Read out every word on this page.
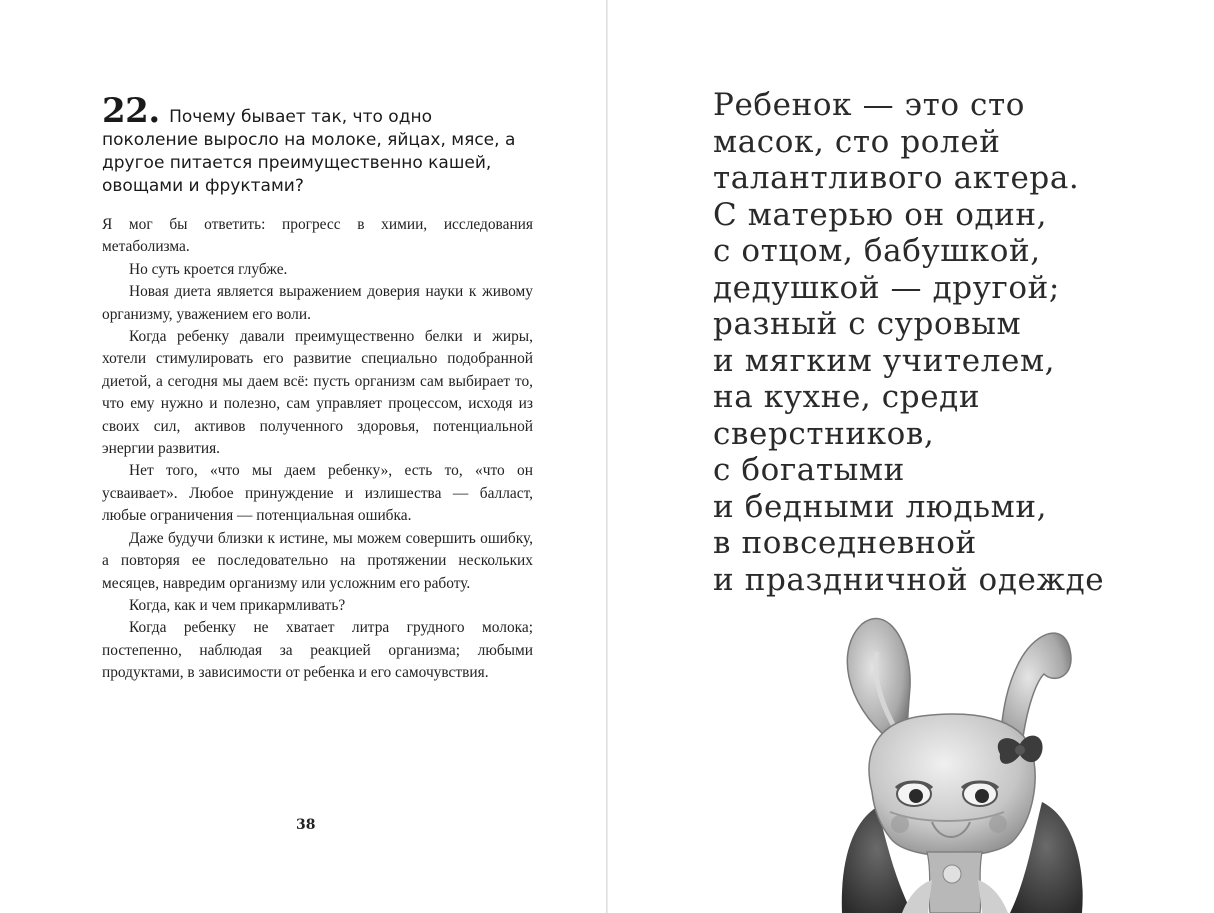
22. Почему бывает так, что одно поколение выросло на молоке, яйцах, мясе, а другое питается преимущественно кашей, овощами и фруктами?

Я мог бы ответить: прогресс в химии, исследования метаболизма.

Но суть кроется глубже.

Новая диета является выражением доверия науки к живому организму, уважением его воли.

Когда ребенку давали преимущественно белки и жиры, хотели стимулировать его развитие специально подобранной диетой, а сегодня мы даем всё: пусть организм сам выбирает то, что ему нужно и полезно, сам управляет процессом, исходя из своих сил, активов полученного здоровья, потенциальной энергии развития.

Нет того, «что мы даем ребенку», есть то, «что он усваивает». Любое принуждение и излишества — балласт, любые ограничения — потенциальная ошибка.

Даже будучи близки к истине, мы можем совершить ошибку, а повторяя ее последовательно на протяжении нескольких месяцев, навредим организму или усложним его работу.

Когда, как и чем прикармливать?

Когда ребенку не хватает литра грудного молока; постепенно, наблюдая за реакцией организма; любыми продуктами, в зависимости от ребенка и его самочувствия.

38
Ребенок — это сто
масок, сто ролей
талантливого актера.
С матерью он один,
с отцом, бабушкой,
дедушкой — другой;
разный с суровым
и мягким учителем,
на кухне, среди
сверстников,
с богатыми
и бедными людьми,
в повседневной
и праздничной одежде
